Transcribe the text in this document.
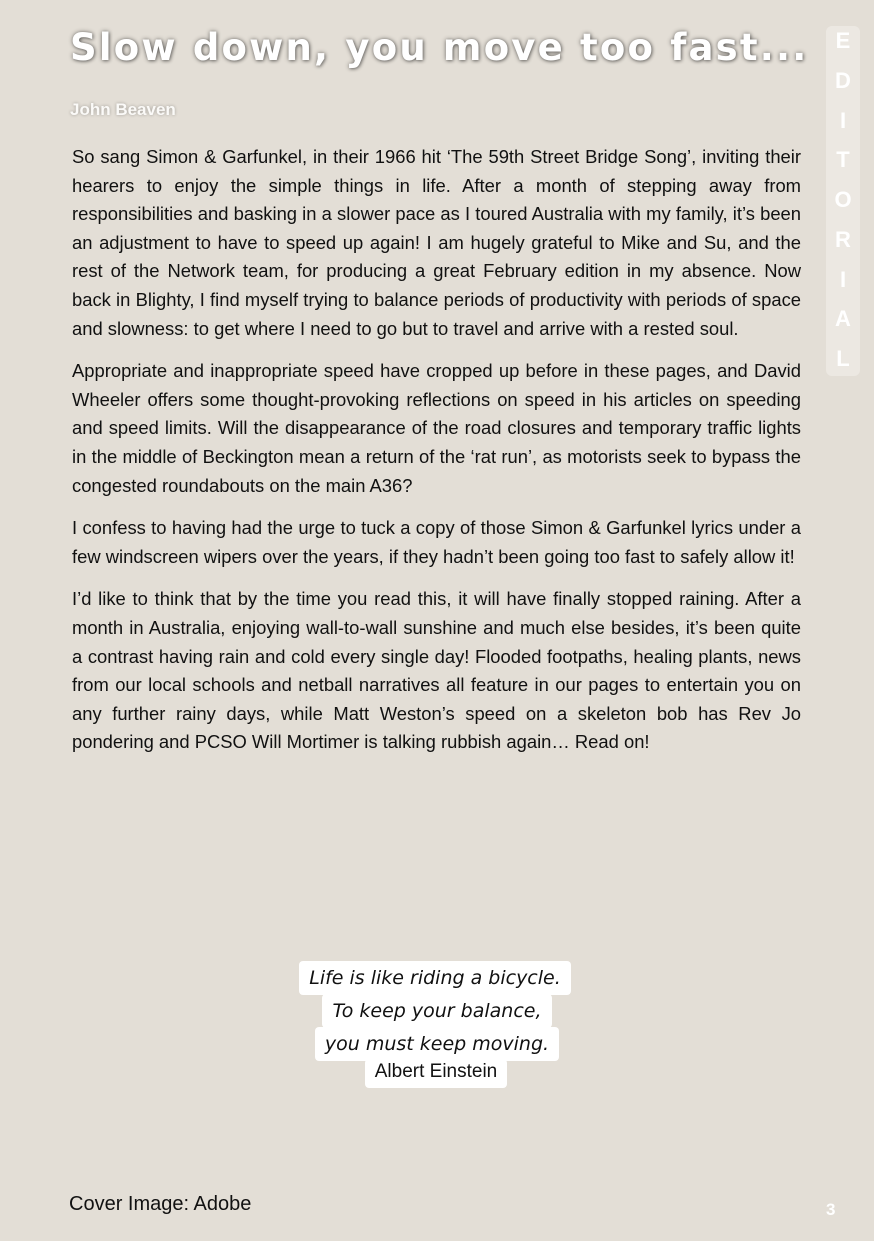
Slow down, you move too fast...
John Beaven
E
D
I
T
O
R
I
A
L

So sang Simon & Garfunkel, in their 1966 hit ‘The 59th Street Bridge Song’, inviting their hearers to enjoy the simple things in life. After a month of stepping away from responsibilities and basking in a slower pace as I toured Australia with my family, it’s been an adjustment to have to speed up again! I am hugely grateful to Mike and Su, and the rest of the Network team, for producing a great February edition in my absence. Now back in Blighty, I find myself trying to balance periods of productivity with periods of space and slowness: to get where I need to go but to travel and arrive with a rested soul.

Appropriate and inappropriate speed have cropped up before in these pages, and David Wheeler offers some thought-provoking reflections on speed in his articles on speeding and speed limits. Will the disappearance of the road closures and temporary traffic lights in the middle of Beckington mean a return of the ‘rat run’, as motorists seek to bypass the congested roundabouts on the main A36?

I confess to having had the urge to tuck a copy of those Simon & Garfunkel lyrics under a few windscreen wipers over the years, if they hadn’t been going too fast to safely allow it!

I’d like to think that by the time you read this, it will have finally stopped raining. After a month in Australia, enjoying wall-to-wall sunshine and much else besides, it’s been quite a contrast having rain and cold every single day! Flooded footpaths, healing plants, news from our local schools and netball narratives all feature in our pages to entertain you on any further rainy days, while Matt Weston’s speed on a skeleton bob has Rev Jo pondering and PCSO Will Mortimer is talking rubbish again… Read on!

Life is like riding a bicycle.
To keep your balance,
you must keep moving.
Albert Einstein
Cover Image: Adobe	3
